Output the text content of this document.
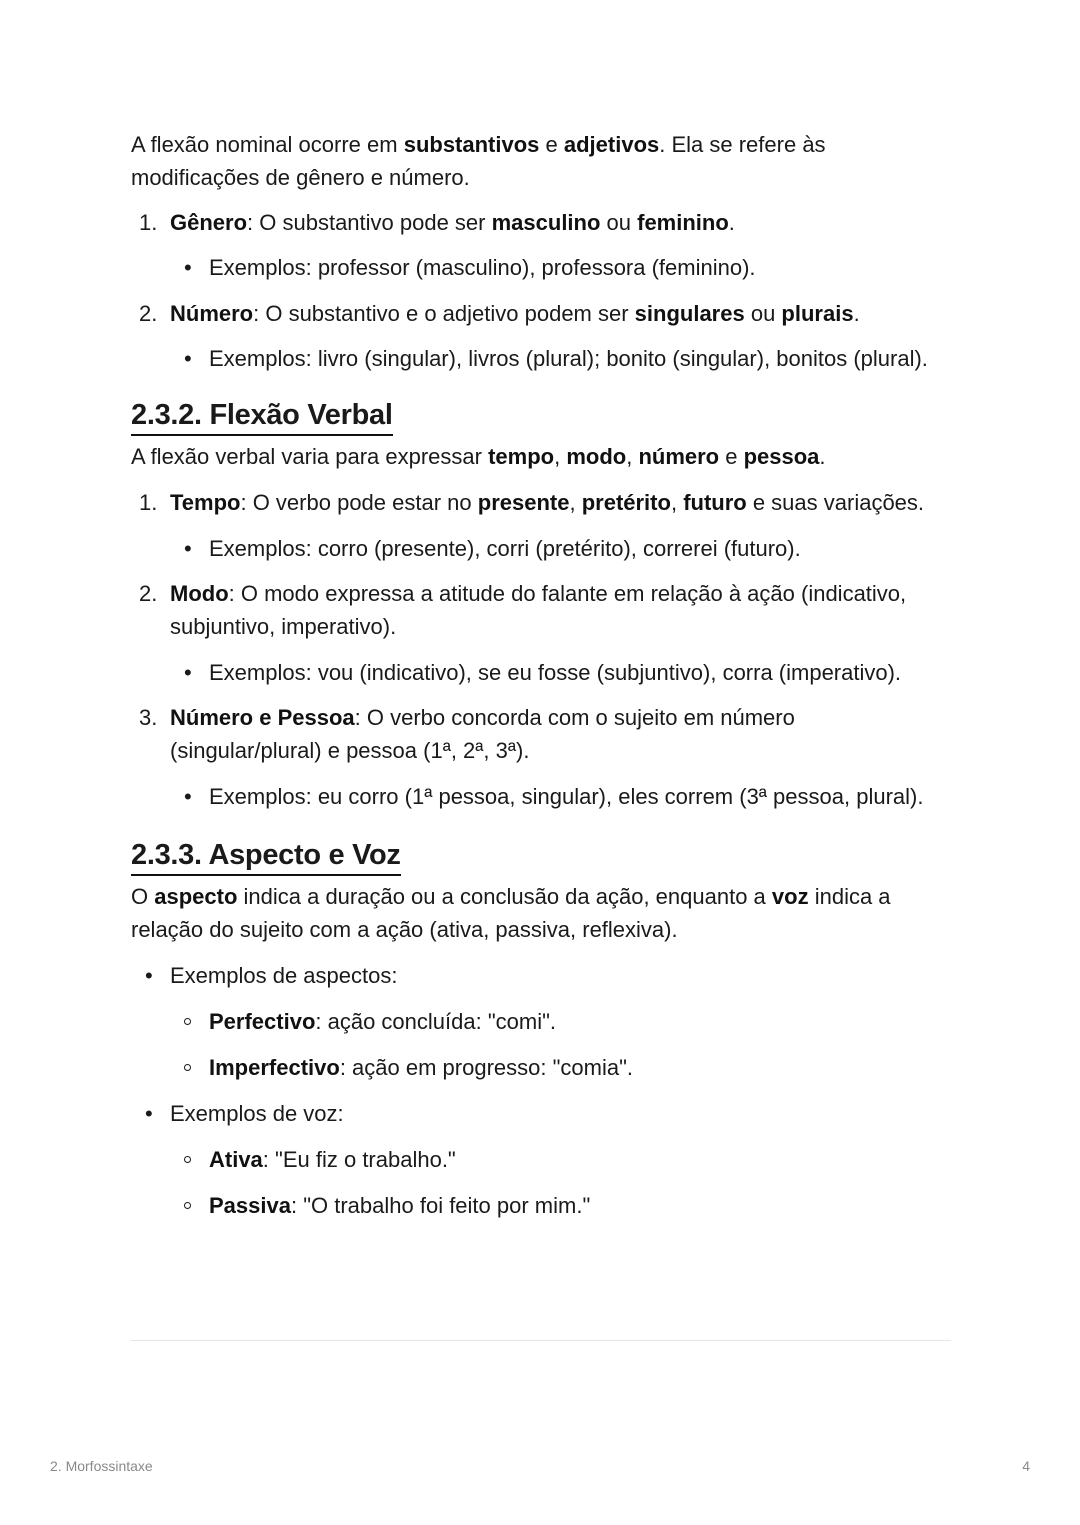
A flexão nominal ocorre em substantivos e adjetivos. Ela se refere às modificações de gênero e número.

1. Gênero: O substantivo pode ser masculino ou feminino.
• Exemplos: professor (masculino), professora (feminino).
2. Número: O substantivo e o adjetivo podem ser singulares ou plurais.
• Exemplos: livro (singular), livros (plural); bonito (singular), bonitos (plural).
2.3.2. Flexão Verbal

A flexão verbal varia para expressar tempo, modo, número e pessoa.

1. Tempo: O verbo pode estar no presente, pretérito, futuro e suas variações.
• Exemplos: corro (presente), corri (pretérito), correrei (futuro).
2. Modo: O modo expressa a atitude do falante em relação à ação (indicativo, subjuntivo, imperativo).
• Exemplos: vou (indicativo), se eu fosse (subjuntivo), corra (imperativo).
3. Número e Pessoa: O verbo concorda com o sujeito em número (singular/plural) e pessoa (1ª, 2ª, 3ª).
• Exemplos: eu corro (1ª pessoa, singular), eles correm (3ª pessoa, plural).
2.3.3. Aspecto e Voz

O aspecto indica a duração ou a conclusão da ação, enquanto a voz indica a relação do sujeito com a ação (ativa, passiva, reflexiva).

• Exemplos de aspectos:
Perfectivo: ação concluída: "comi".
Imperfectivo: ação em progresso: "comia".
• Exemplos de voz:
Ativa: "Eu fiz o trabalho."
Passiva: "O trabalho foi feito por mim."
2. Morfossintaxe	4
